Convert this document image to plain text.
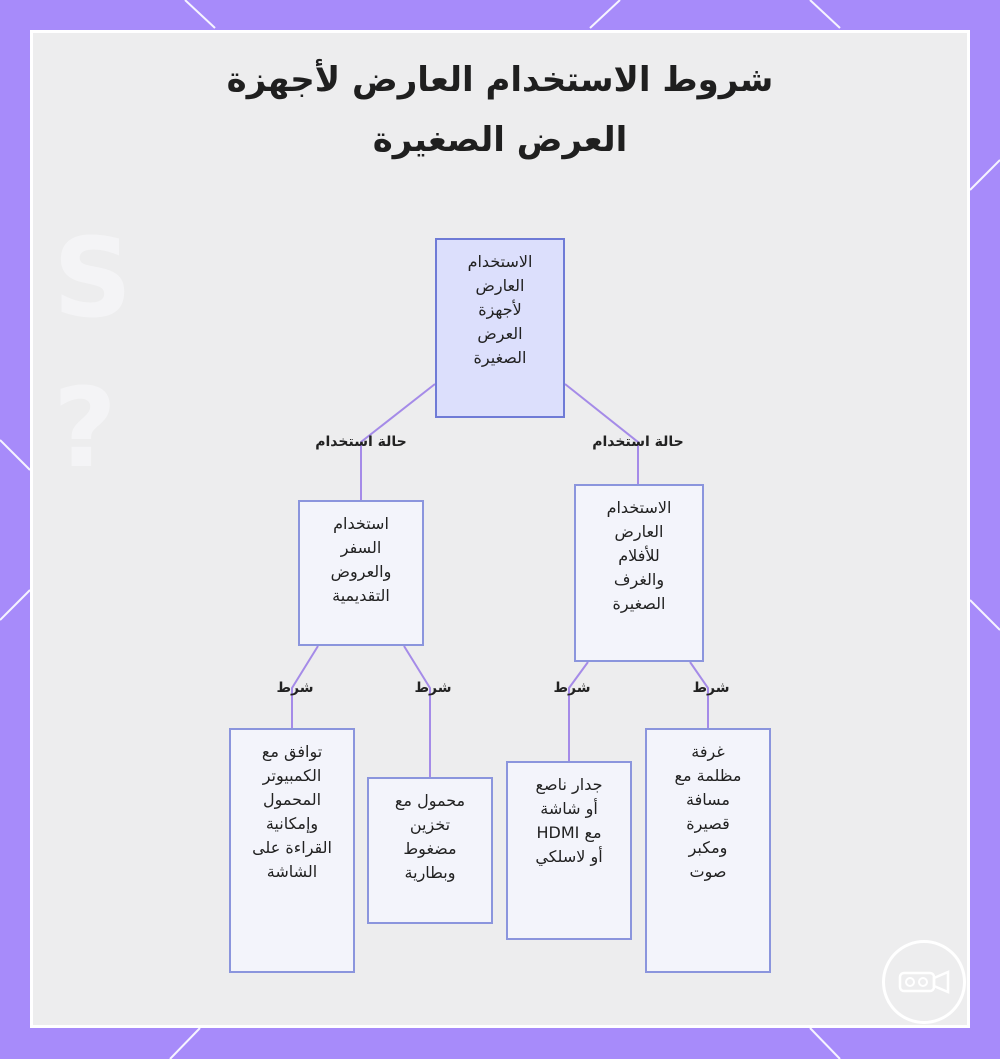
S
?
شروط الاستخدام العارض لأجهزة
العرض الصغيرة
حالة استخدام	حالة استخدام
شرط	شرط	شرط	شرط
الاستخدام
العارض
لأجهزة
العرض
الصغيرة
استخدام
السفر
والعروض
التقديمية
الاستخدام
العارض
للأفلام
والغرف
الصغيرة
توافق مع
الكمبيوتر
المحمول
وإمكانية
القراءة على
الشاشة
محمول مع
تخزين
مضغوط
وبطارية
جدار ناصع
أو شاشة
مع HDMI
أو لاسلكي
غرفة
مظلمة مع
مسافة
قصيرة
ومكبر
صوت
